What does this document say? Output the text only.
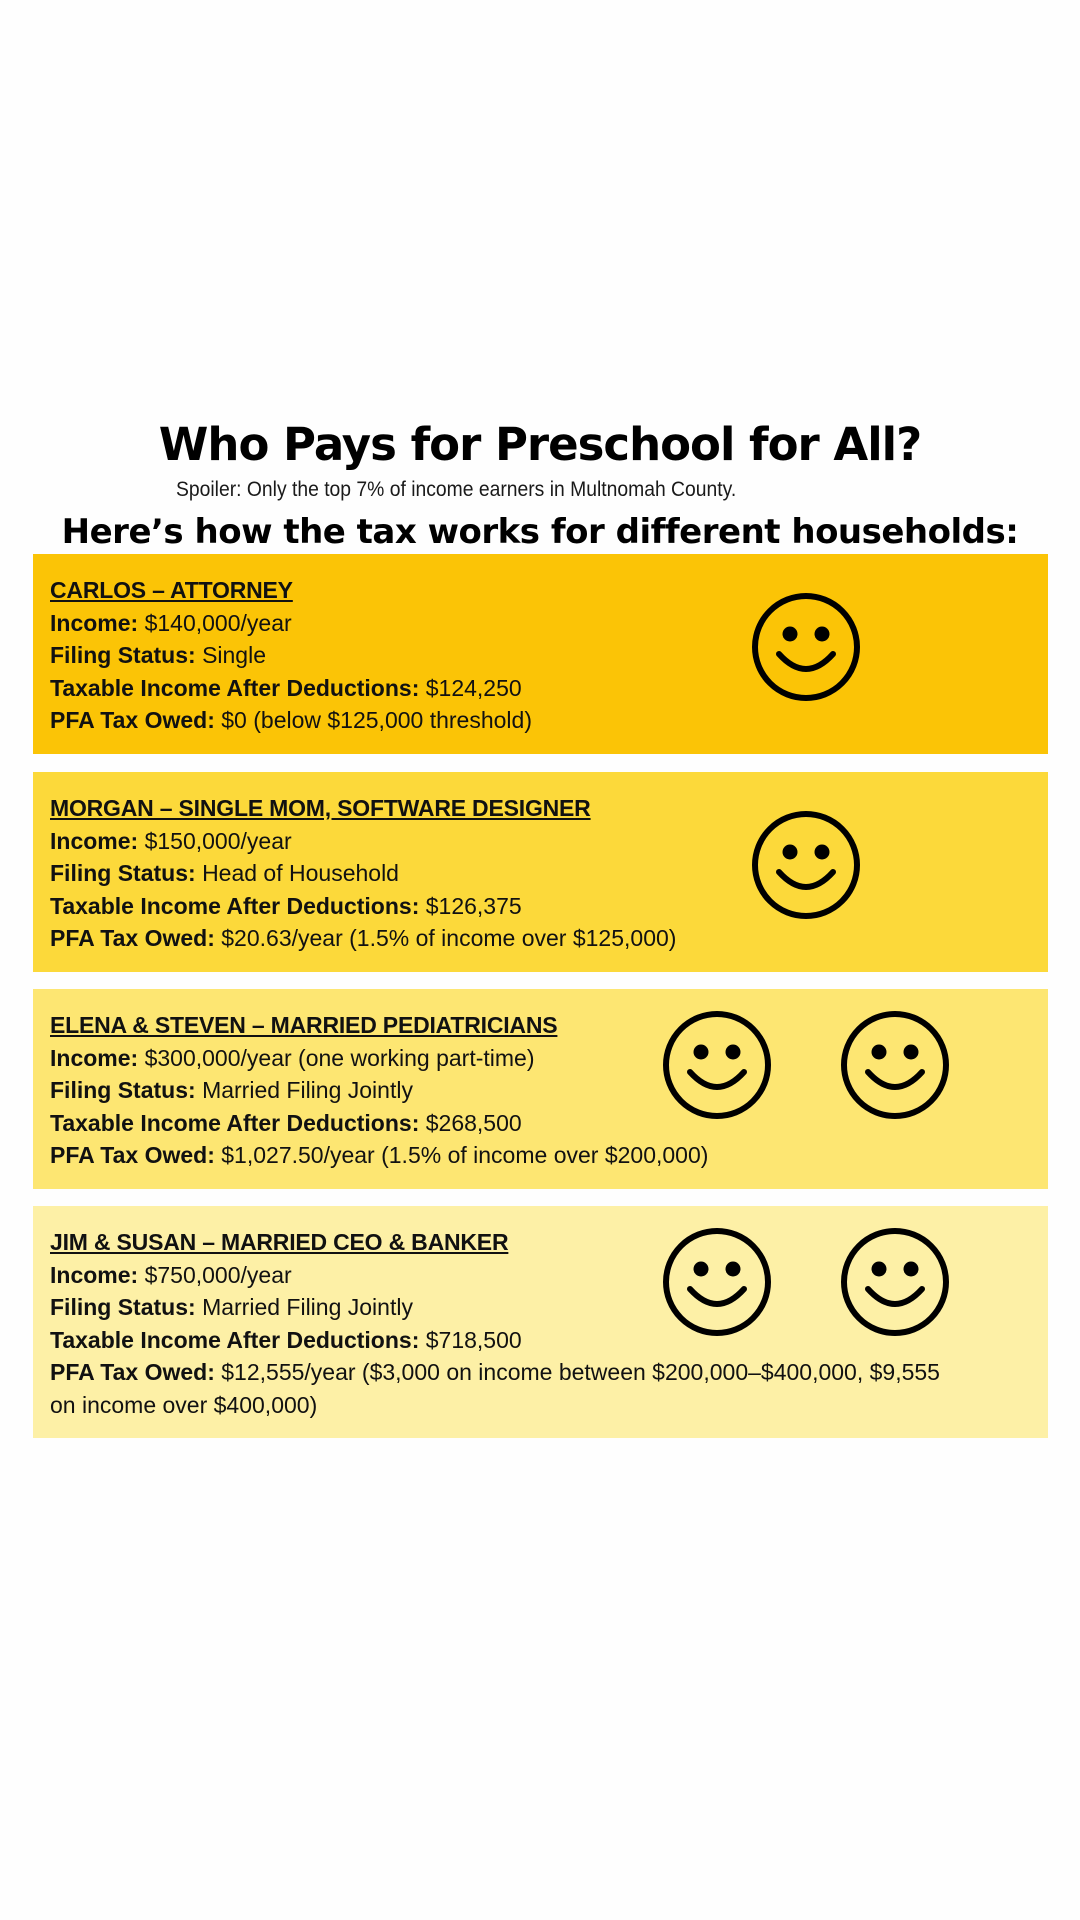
Who Pays for Preschool for All?

Spoiler: Only the top 7% of income earners in Multnomah County.

Here’s how the tax works for different households:
CARLOS – ATTORNEY
Income: $140,000/year
Filing Status: Single
Taxable Income After Deductions: $124,250
PFA Tax Owed: $0 (below $125,000 threshold)
MORGAN – SINGLE MOM, SOFTWARE DESIGNER
Income: $150,000/year
Filing Status: Head of Household
Taxable Income After Deductions: $126,375
PFA Tax Owed: $20.63/year (1.5% of income over $125,000)
ELENA & STEVEN – MARRIED PEDIATRICIANS
Income: $300,000/year (one working part-time)
Filing Status: Married Filing Jointly
Taxable Income After Deductions: $268,500
PFA Tax Owed: $1,027.50/year (1.5% of income over $200,000)
JIM & SUSAN – MARRIED CEO & BANKER
Income: $750,000/year
Filing Status: Married Filing Jointly
Taxable Income After Deductions: $718,500
PFA Tax Owed: $12,555/year ($3,000 on income between $200,000–$400,000, $9,555 on income over $400,000)
